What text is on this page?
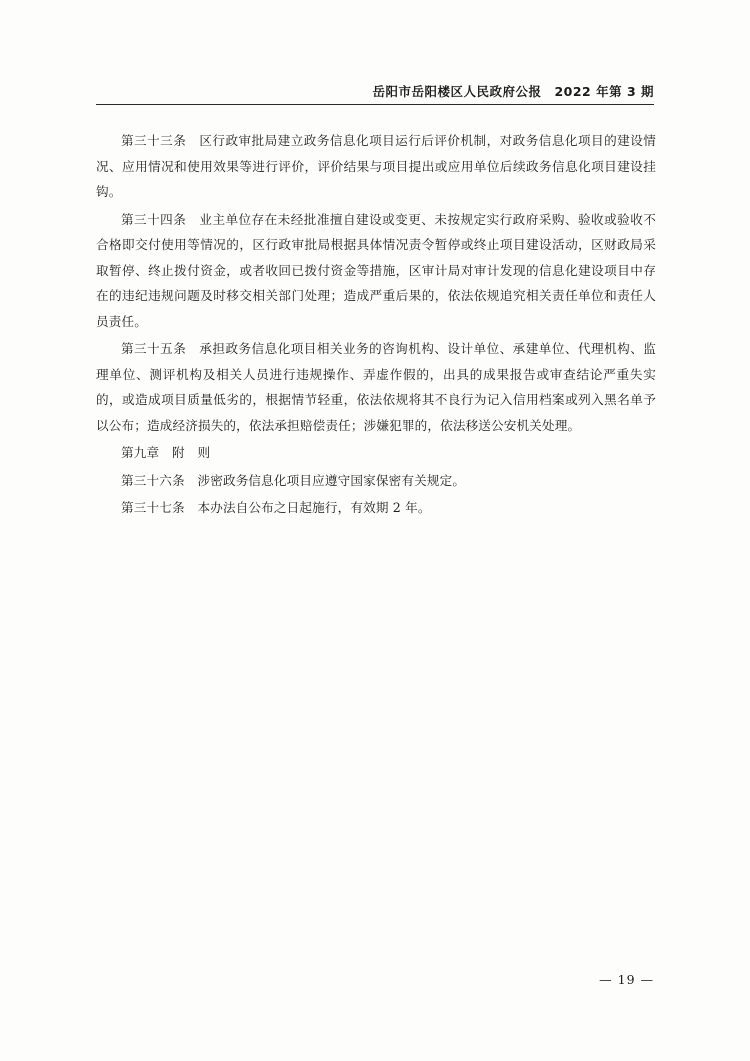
岳阳市岳阳楼区人民政府公报　2022 年第 3 期

第三十三条　区行政审批局建立政务信息化项目运行后评价机制，对政务信息化项目的建设情况、应用情况和使用效果等进行评价，评价结果与项目提出或应用单位后续政务信息化项目建设挂钩。

第三十四条　业主单位存在未经批准擅自建设或变更、未按规定实行政府采购、验收或验收不合格即交付使用等情况的，区行政审批局根据具体情况责令暂停或终止项目建设活动，区财政局采取暂停、终止拨付资金，或者收回已拨付资金等措施，区审计局对审计发现的信息化建设项目中存在的违纪违规问题及时移交相关部门处理；造成严重后果的，依法依规追究相关责任单位和责任人员责任。

第三十五条　承担政务信息化项目相关业务的咨询机构、设计单位、承建单位、代理机构、监理单位、测评机构及相关人员进行违规操作、弄虚作假的，出具的成果报告或审查结论严重失实的，或造成项目质量低劣的，根据情节轻重，依法依规将其不良行为记入信用档案或列入黑名单予以公布；造成经济损失的，依法承担赔偿责任；涉嫌犯罪的，依法移送公安机关处理。

第九章　附　则

第三十六条　涉密政务信息化项目应遵守国家保密有关规定。

第三十七条　本办法自公布之日起施行，有效期 2 年。

— 19 —
